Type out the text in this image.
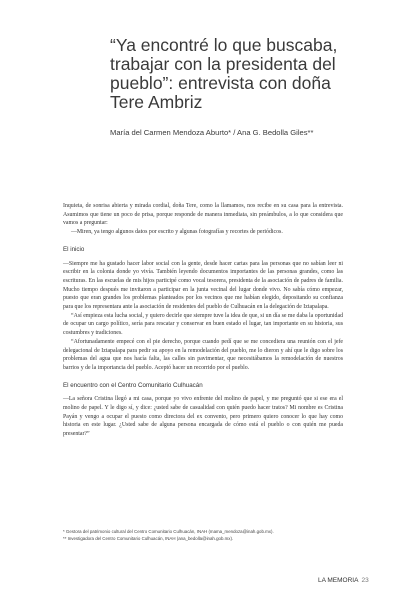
“Ya encontré lo que buscaba,
trabajar con la presidenta del
pueblo”: entrevista con doña
Tere Ambriz
María del Carmen Mendoza Aburto* / Ana G. Bedolla Giles**

Inquieta, de sonrisa abierta y mirada cordial, doña Tere, como la llamamos, nos recibe en su casa para la entrevista. Asumimos que tiene un poco de prisa, porque responde de manera inmediata, sin preámbulos, a lo que considera que vamos a preguntar:

—Miren, ya tengo algunos datos por escrito y algunas fotografías y recortes de periódicos.

El inicio

—Siempre me ha gustado hacer labor social con la gente, desde hacer cartas para las personas que no sabían leer ni escribir en la colonia donde yo vivía. También leyendo documentos importantes de las personas grandes, como las escrituras. En las escuelas de mis hijos participé como vocal tesorera, presidenta de la asociación de padres de familia. Mucho tiempo después me invitaron a participar en la junta vecinal del lugar donde vivo. No sabía cómo empezar, puesto que eran grandes los problemas planteados por los vecinos que me habían elegido, depositando su confianza para que los representara ante la asociación de residentes del pueblo de Culhuacán en la delegación de Iztapalapa.

“Así empieza esta lucha social, y quiero decirle que siempre tuve la idea de que, si un día se me daba la oportunidad de ocupar un cargo político, sería para rescatar y conservar en buen estado el lugar, tan importante en su historia, sus costumbres y tradiciones.

“Afortunadamente empecé con el pie derecho, porque cuando pedí que se me concediera una reunión con el jefe delegacional de Iztapalapa para pedir su apoyo en la remodelación del pueblo, me lo dieron y ahí que le digo sobre los problemas del agua que nos hacía falta, las calles sin pavimentar, que necesitábamos la remodelación de nuestros barrios y de la importancia del pueblo. Aceptó hacer un recorrido por el pueblo.

El encuentro con el Centro Comunitario Culhuacán

—La señora Cristina llegó a mi casa, porque yo vivo enfrente del molino de papel, y me preguntó que si ese era el molino de papel. Y le digo sí, y dice: ¿usted sabe de casualidad con quién puedo hacer tratos? Mi nombre es Cristina Payán y vengo a ocupar el puesto como directora del ex convento, pero primero quiero conocer lo que hay como historia en este lugar. ¿Usted sabe de alguna persona encargada de cómo está el pueblo o con quién me pueda presentar?”

* Gestora del patrimonio cultural del Centro Comunitario Culhuacán, INAH (mama_mendoza@inah.gob.mx).
** Investigadora del Centro Comunitario Culhuacán, INAH (ana_bedolla@inah.gob.mx).
LA MEMORIA 23
